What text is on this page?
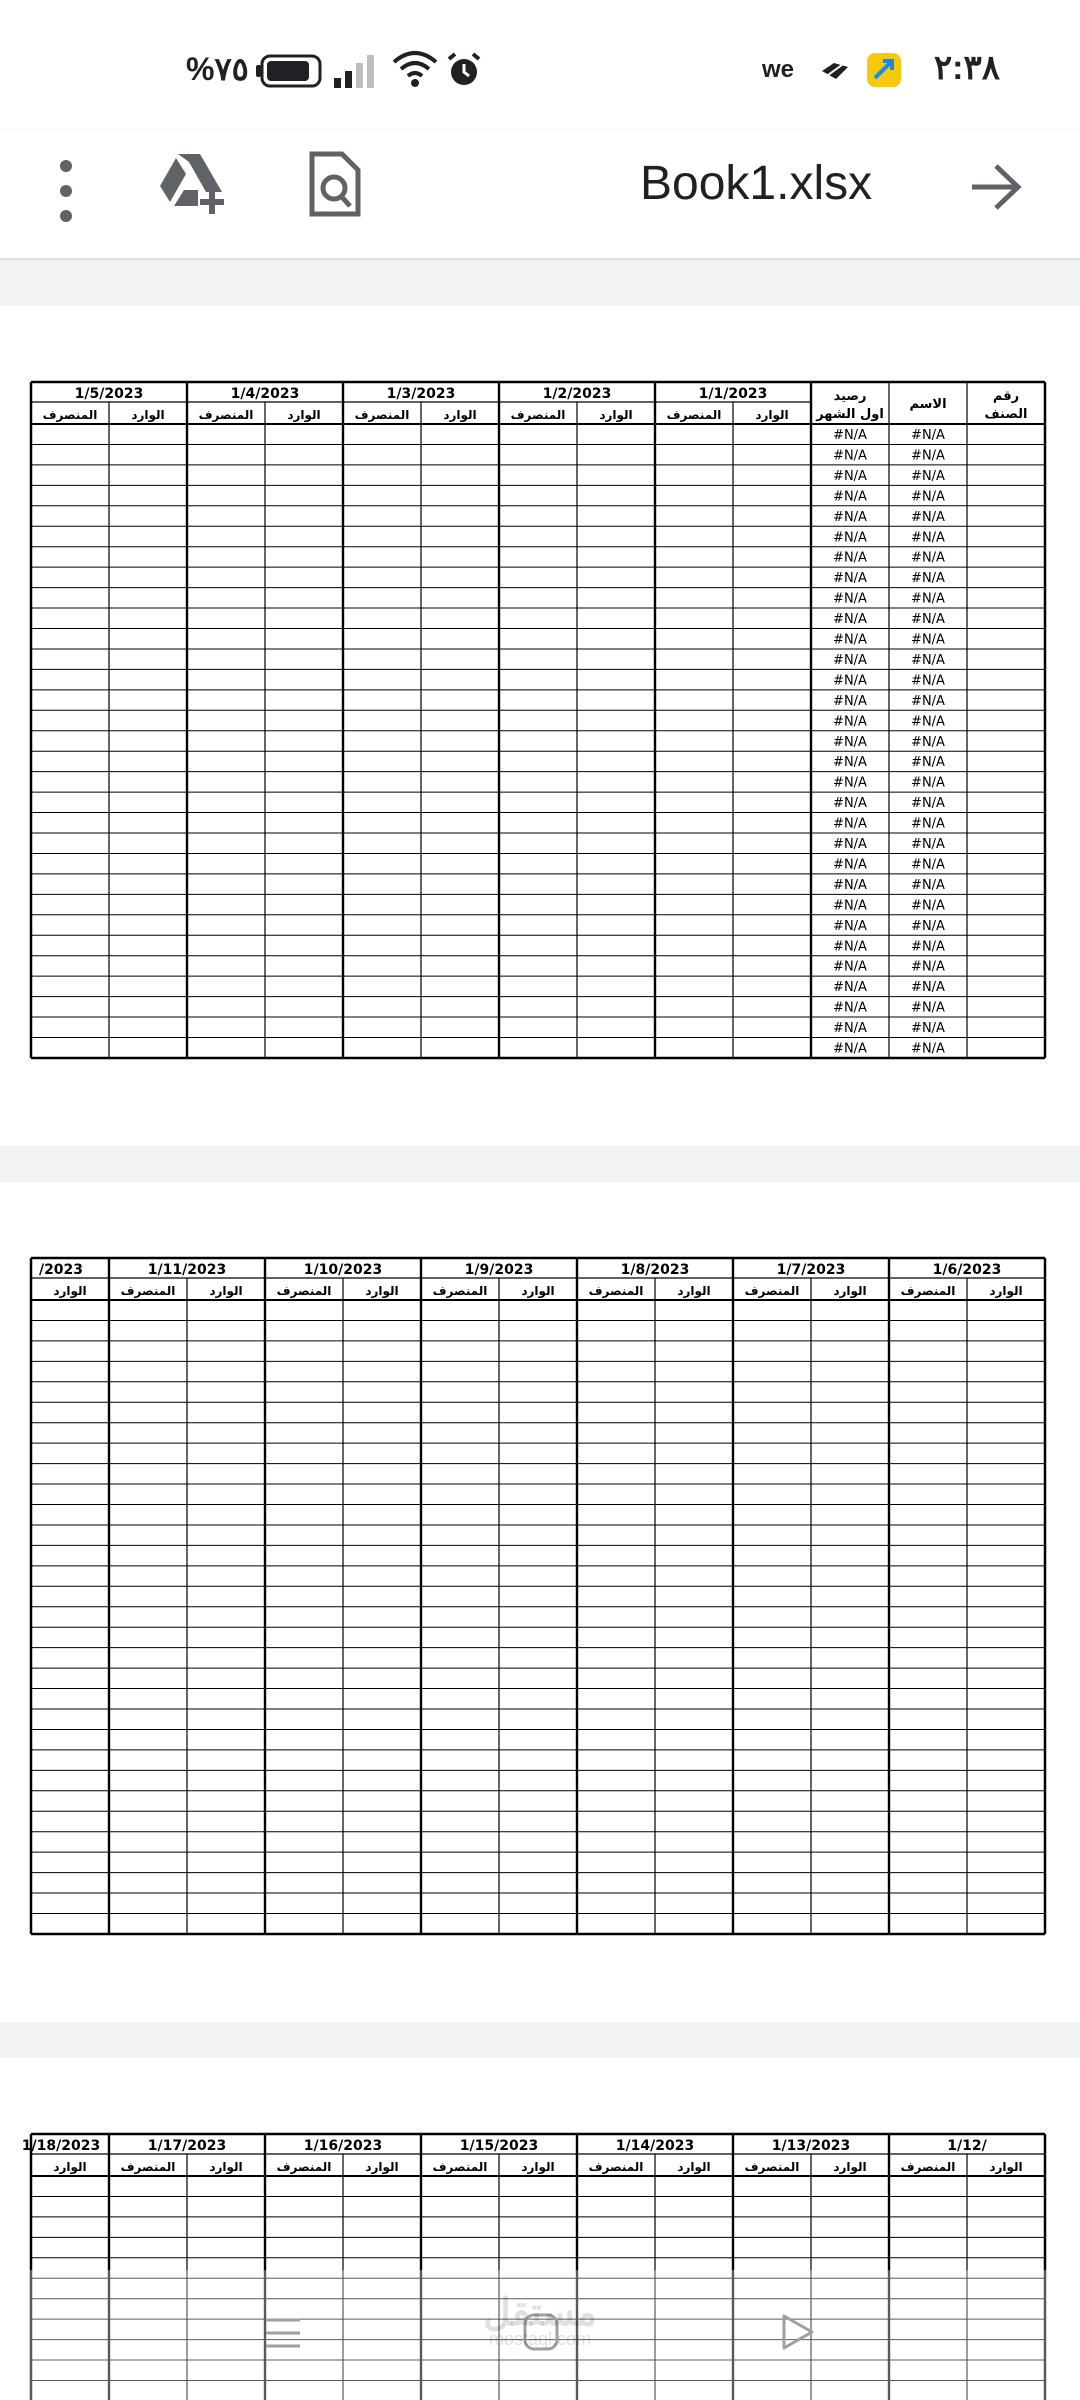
%٧٥	we	٢:٣٨
Book1.xlsx
رقم
الصنف
الاسم
رصيد
اول الشهر
#N/A
#N/A
#N/A
#N/A
#N/A
#N/A
#N/A
#N/A
#N/A
#N/A
#N/A
#N/A
#N/A
#N/A
#N/A
#N/A
#N/A
#N/A
#N/A
#N/A
#N/A
#N/A
#N/A
#N/A
#N/A
#N/A
#N/A
#N/A
#N/A
#N/A
#N/A
#N/A
#N/A
#N/A
#N/A
#N/A
#N/A
#N/A
#N/A
#N/A
#N/A
#N/A
#N/A
#N/A
#N/A
#N/A
#N/A
#N/A
#N/A
#N/A
#N/A
#N/A
#N/A
#N/A
#N/A
#N/A
#N/A
#N/A
#N/A
#N/A
#N/A
#N/A
1/1/2023
1/2/2023
1/3/2023
1/4/2023
1/5/2023
الوارد
المنصرف
الوارد
المنصرف
الوارد
المنصرف
الوارد
المنصرف
الوارد
المنصرف
1/6/2023
1/7/2023
1/8/2023
1/9/2023
1/10/2023
1/11/2023
/2023
الوارد
المنصرف
الوارد
المنصرف
الوارد
المنصرف
الوارد
المنصرف
الوارد
المنصرف
الوارد
المنصرف
الوارد
1/12/
1/13/2023
1/14/2023
1/15/2023
1/16/2023
1/17/2023
1/18/2023
الوارد
المنصرف
الوارد
المنصرف
الوارد
المنصرف
الوارد
المنصرف
الوارد
المنصرف
الوارد
المنصرف
الوارد
مستقل
mostaql.com
